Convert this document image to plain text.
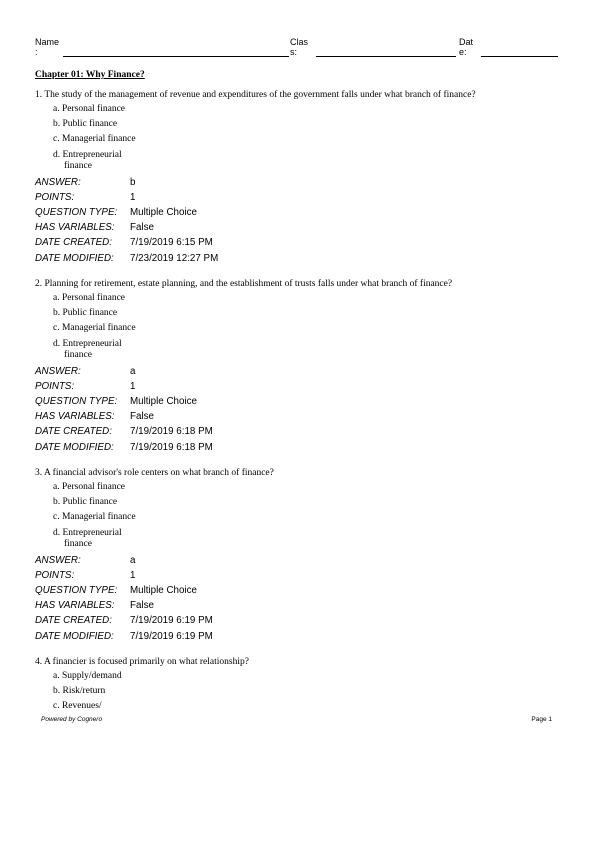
Name
:
Clas
s:
Dat
e:
Chapter 01: Why Finance?
1. The study of the management of revenue and expenditures of the government falls under what branch of finance?
a. Personal finance
b. Public finance
c. Managerial finance
d. Entrepreneurial
finance
ANSWER:	b
POINTS:	1
QUESTION TYPE:	Multiple Choice
HAS VARIABLES:	False
DATE CREATED:	7/19/2019 6:15 PM
DATE MODIFIED:	7/23/2019 12:27 PM
2. Planning for retirement, estate planning, and the establishment of trusts falls under what branch of finance?
a. Personal finance
b. Public finance
c. Managerial finance
d. Entrepreneurial
finance
ANSWER:	a
POINTS:	1
QUESTION TYPE:	Multiple Choice
HAS VARIABLES:	False
DATE CREATED:	7/19/2019 6:18 PM
DATE MODIFIED:	7/19/2019 6:18 PM
3. A financial advisor's role centers on what branch of finance?
a. Personal finance
b. Public finance
c. Managerial finance
d. Entrepreneurial
finance
ANSWER:	a
POINTS:	1
QUESTION TYPE:	Multiple Choice
HAS VARIABLES:	False
DATE CREATED:	7/19/2019 6:19 PM
DATE MODIFIED:	7/19/2019 6:19 PM
4. A financier is focused primarily on what relationship?
a. Supply/demand
b. Risk/return
c. Revenues/
Powered by Cognero	Page 1
